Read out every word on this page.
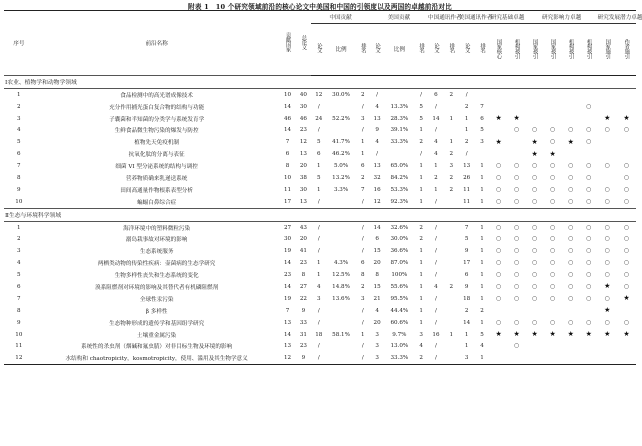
附表 1　10 个研究领域前沿的核心论文中美国和中国的引领度以及两国的卓越前沿对比
序号	前沿名称	贡献国家	总论文	中国贡献			美国贡献			中国通讯作者		美国通讯作者		研究基础卓越		研究影响力卓越				研究发展潜力卓越	
				论文	比例	排名	论文	比例	排名	论文	排名	论文	排名	国家核心	机构被引	国家被引	国家被引	机构被引	机构被引	国家施引	作者施引
Ⅰ农业、植物学和动物学领域																					
1	食品检测中的高光谱成像技术	10	40	12	30.0%	2	/		/	6	2	/									
2	充分作用捕光蛋白复合物的结构与功能	14	30	/		/	4	13.3%	5	/		2	7						○		
3	子囊菌和半知菌的分类学与系统发育学	46	46	24	52.2%	3	13	28.3%	5	14	1	1	6	★	★					★	★
4	生鲜食品微生物污染的爆发与防控	14	23	/		/	9	39.1%	1	/		1	5		○	○	○	○	○	○	○
5	植物先天免疫机制	7	12	5	41.7%	1	4	33.3%	2	4	1	2	3	★		★	○	★	○		
6	抗氧化肽的分离与表征	6	13	6	46.2%	1	/		/	4	2	/				★	★				
7	细菌 VI 型分泌系统的结构与调控	8	20	1	5.0%	6	13	65.0%	1	1	3	13	1	○	○	○	○	○	○	○	○
8	营养物质确来乳递送系统	10	38	5	13.2%	2	32	84.2%	1	2	2	26	1	○	○	○	○	○	○		○
9	田间高通量作物根系表型分析	11	30	1	3.3%	7	16	53.3%	1	1	2	11	1	○	○	○	○	○	○	○	○
10	蝙蝠白鼻综合症	17	13	/		/	12	92.3%	1	/		11	1	○	○	○	○	○	○	○	○
Ⅱ生态与环境科学领域																					
1	海洋环境中的塑料微粒污染	27	43	/		/	14	32.6%	2	/		7	1	○	○	○	○	○	○	○	○
2	溺岛栽事故对环境的影响	30	20	/		/	6	30.0%	2	/		5	1	○	○	○	○	○	○	○	○
3	生态系统服务	19	41	/		/	15	36.6%	1	/		9	1	○	○	○	○	○	○	○	○
4	两栖类动物的传染性疾病：壶菌病的生态学研究	14	23	1	4.3%	6	20	87.0%	1	/		17	1	○	○	○	○	○	○	○	○
5	生物多样性丧失和生态系统的变化	23	8	1	12.5%	8	8	100%	1	/		6	1	○	○	○	○	○	○	○	○
6	溴系阻燃剂对环境的影响及其替代者有机磷阻燃剂	14	27	4	14.8%	2	15	55.6%	1	4	2	9	1	○	○	○	○	○	○	★	○
7	全球性汞污染	19	22	3	13.6%	3	21	95.5%	1	/		18	1	○	○	○	○	○	○	○	★
8	β 多样性	7	9	/		/	4	44.4%	1	/		2	2							★	
9	生态物种形成的遗传学和基因组学研究	13	33	/		/	20	60.6%	1	/		14	1	○	○	○	○	○	○	○	○
10	土壤重金属污染	14	31	18	58.1%	1	3	9.7%	3	16	1	1	5	★	★	★	★	★	★	★	★
11	系统性的杀虫剂（烟碱和氟虫腈）对非目标生物及环境的影响	13	23	/		/	3	13.0%	4	/		1	4		○						
12	水结构和 chaotropicity，kosmotropicity，使用、滥用及其生物学意义	12	9	/		/	3	33.3%	2	/		3	1								
